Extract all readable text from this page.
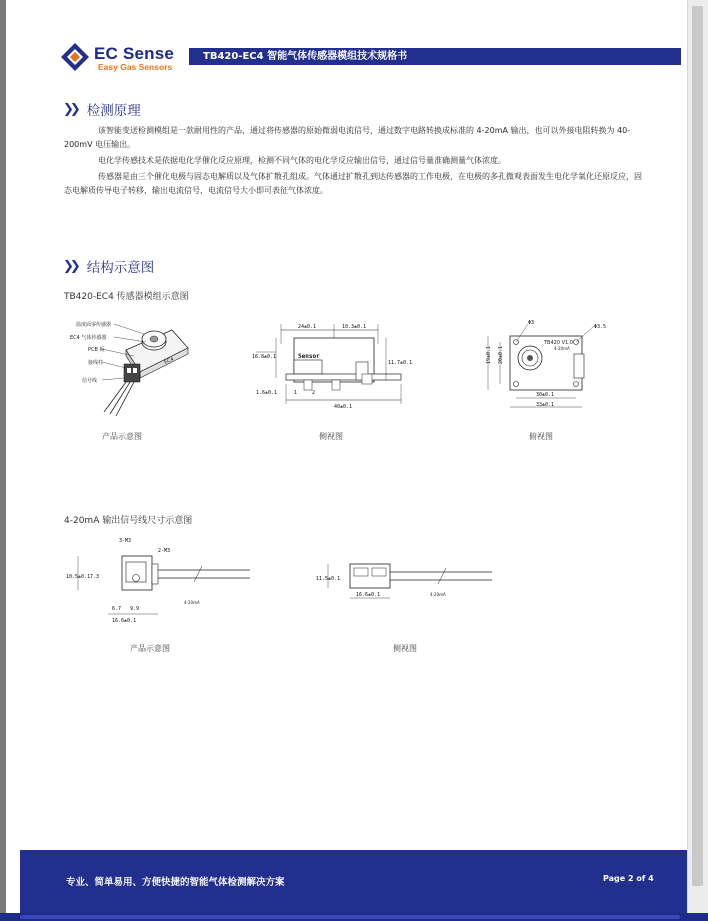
EC Sense
Easy Gas Sensors
TB420-EC4 智能气体传感器模组技术规格书
❯❯ 检测原理

该智能变送检测模组是一款耐用性的产品，通过将传感器的原始微弱电流信号，通过数字电路转换成标准的 4-20mA 输出，也可以外接电阻转换为 40-200mV 电压输出。

电化学传感技术是依据电化学催化反应原理，检测不同气体的电化学反应输出信号，通过信号量准确测量气体浓度。

传感器是由三个催化电极与固态电解质以及气体扩散孔组成。气体通过扩散孔到达传感器的工作电极，在电极的多孔微观表面发生电化学氧化还原反应，固态电解质传导电子转移，输出电流信号，电流信号大小即可表征气体浓度。

❯❯ 结构示意图
TB420-EC4 传感器模组示意图
EC4
温度面零传感器
EC4 气体传感器
PCB 板
接线柱
信号线
产品示意图
24±0.1	10.3±0.1
Sensor
16.8±0.1
11.7±0.1
1.6±0.1	1	2
40±0.1
侧视图
TB420 V1.0
4-20mA
Φ3
Φ3.5
19±0.1 20±0.1
30±0.1
33±0.1
俯视图
4-20mA 输出信号线尺寸示意图
3-M3
2-M3
10.5±0.1 7.3
6.7 9.9
16.6±0.1
4-20mA
产品示意图
11.5±0.1
16.6±0.1	4-20mA
侧视图
专业、简单易用、方便快捷的智能气体检测解决方案	Page 2 of 4
